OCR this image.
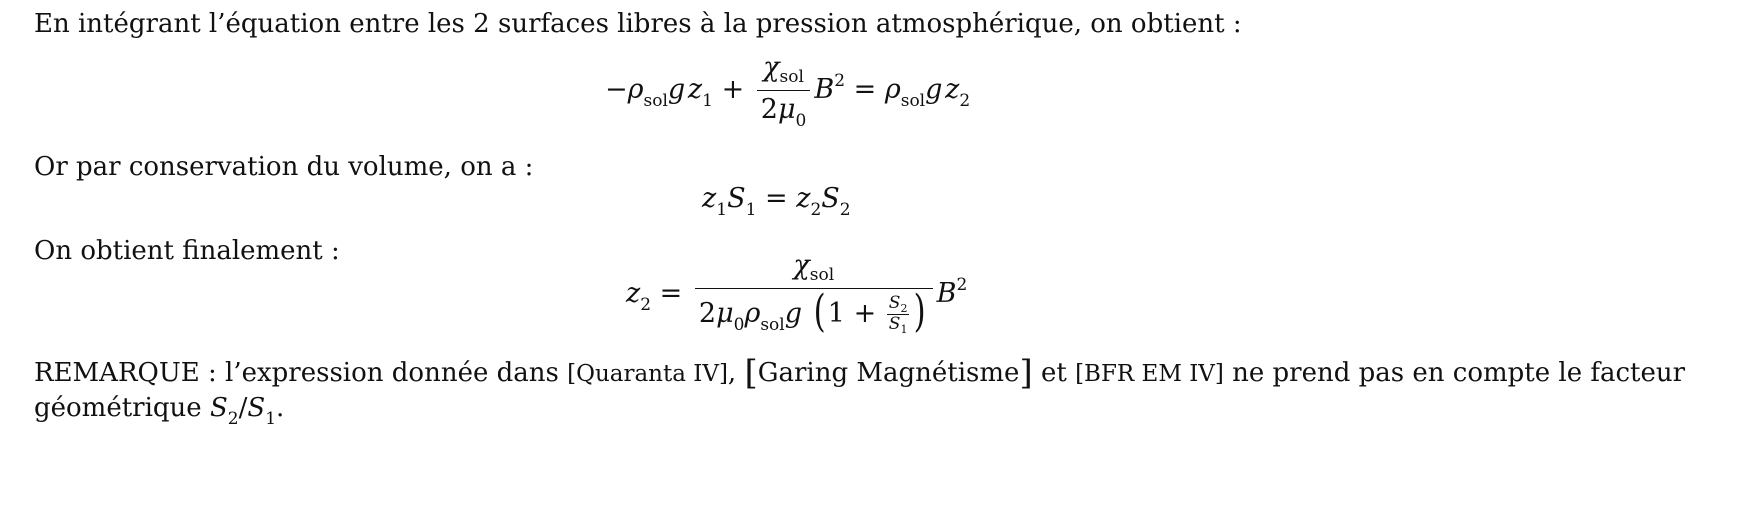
En intégrant l’équation entre les 2 surfaces libres à la pression atmosphérique, on obtient :
$-\rho_{sol}g$  $z_1 + \frac{\chi_{sol}}{2\mu_0} B^2 = \rho_{sol}g$  $z_2$
Or par conservation du volume, on a :
$z_1S_1 = z_2S_2$
On obtient finalement :
$z_2$ =
$\chi_{sol}$
$2\mu_0\rho_{sol}g$ ($1 + \frac{S_2}{S_1}$ ) $B^2$
REMARQUE : l’expression donnée dans [Quaranta IV], [Garing Magnétisme] et [BFR EM IV] ne prend pas en compte le facteur
géométrique $S_2/S_1$.
